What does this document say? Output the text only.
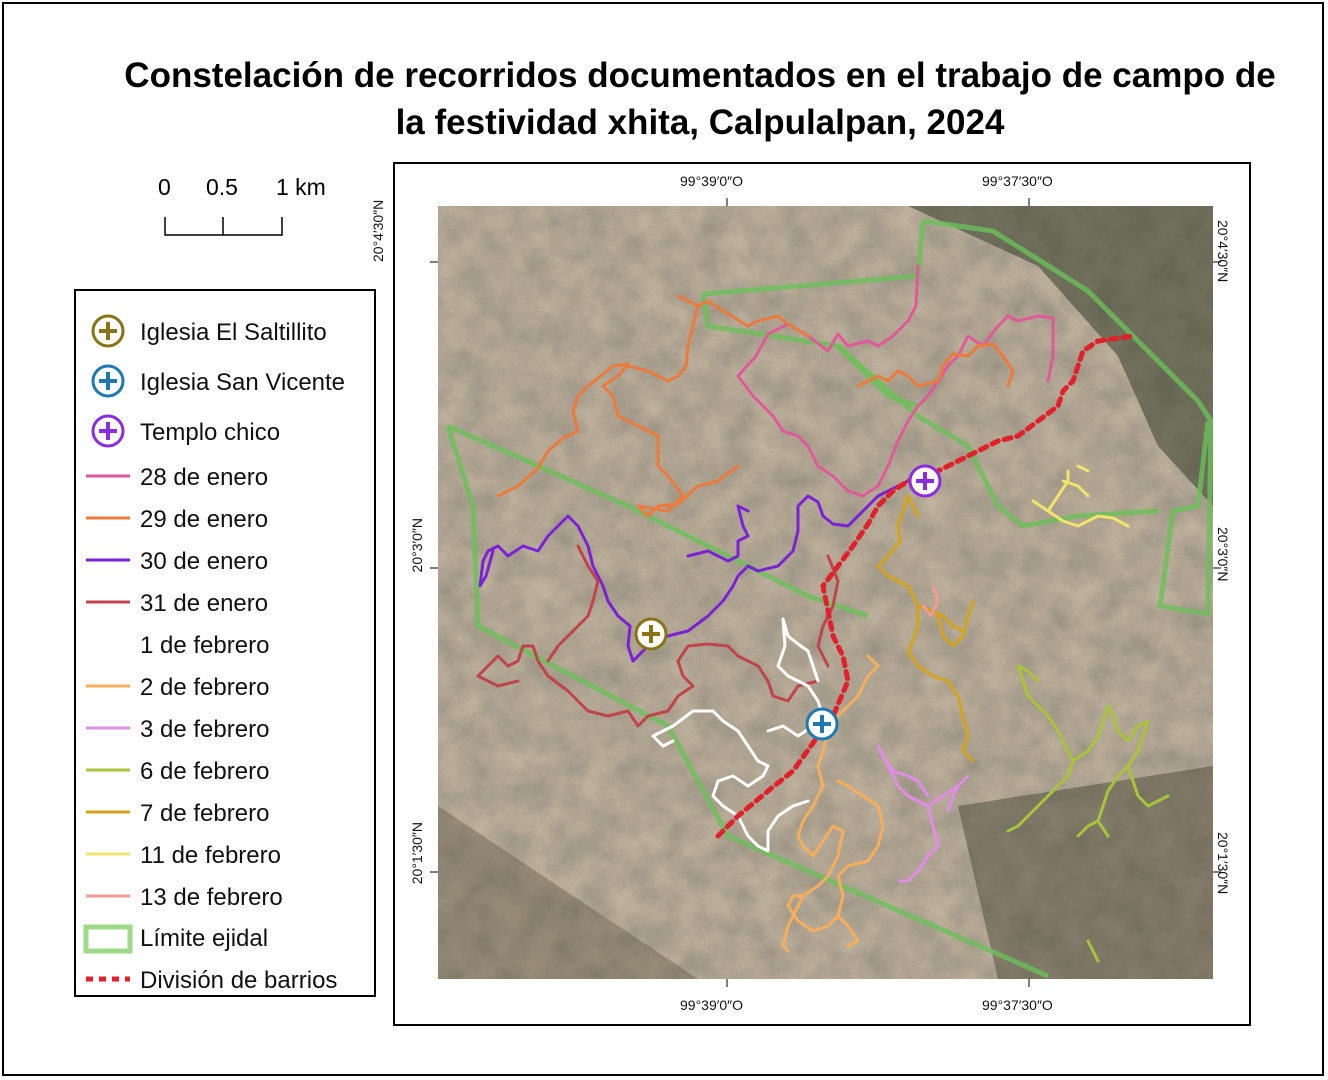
Constelación de recorridos documentados en el trabajo de campo de la festividad xhita, Calpulalpan, 2024
0 0.5 1 km
Iglesia El Saltillito
Iglesia San Vicente
Templo chico
28 de enero
29 de enero
30 de enero
31 de enero
1 de febrero
2 de febrero
3 de febrero
6 de febrero
7 de febrero
11 de febrero
13 de febrero
Límite ejidal
División de barrios
99°39′0″O	99°37′30″O
99°39′0″O	99°37′30″O
20°4′30″N
20°3′0″N
20°1′30″N
20°4′30″N
20°3′0″N
20°1′30″N
